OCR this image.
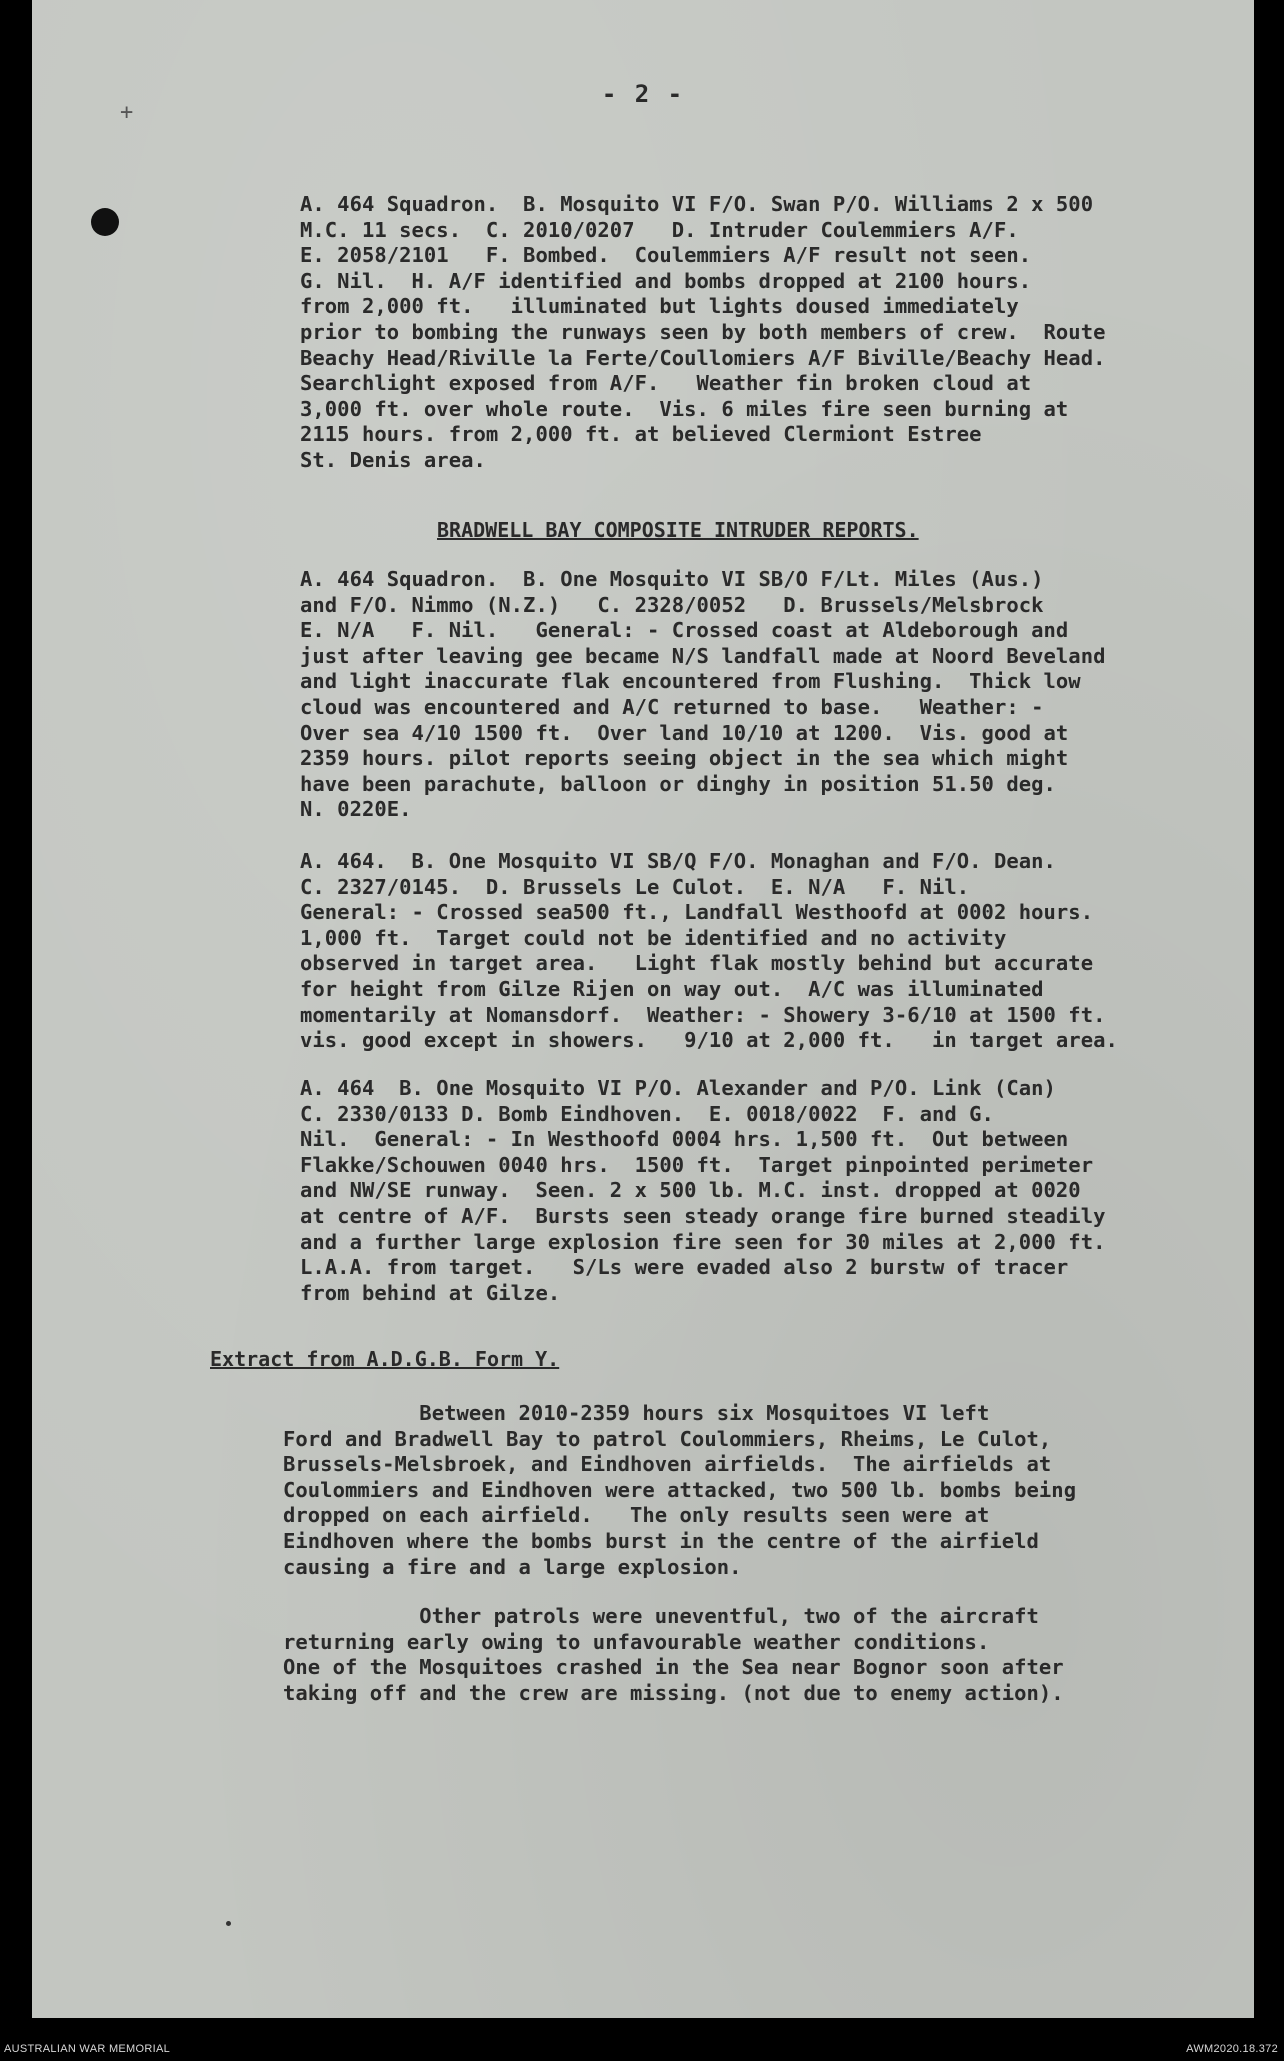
+
- 2 -
A. 464 Squadron.  B. Mosquito VI F/O. Swan P/O. Williams 2 x 500
M.C. 11 secs.  C. 2010/0207   D. Intruder Coulemmiers A/F.
E. 2058/2101   F. Bombed.  Coulemmiers A/F result not seen.
G. Nil.  H. A/F identified and bombs dropped at 2100 hours.
from 2,000 ft.   illuminated but lights doused immediately
prior to bombing the runways seen by both members of crew.  Route
Beachy Head/Riville la Ferte/Coullomiers A/F Biville/Beachy Head.
Searchlight exposed from A/F.   Weather fin broken cloud at
3,000 ft. over whole route.  Vis. 6 miles fire seen burning at
2115 hours. from 2,000 ft. at believed Clermiont Estree
St. Denis area.
BRADWELL BAY COMPOSITE INTRUDER REPORTS.
A. 464 Squadron.  B. One Mosquito VI SB/O F/Lt. Miles (Aus.)
and F/O. Nimmo (N.Z.)   C. 2328/0052   D. Brussels/Melsbrock
E. N/A   F. Nil.   General: - Crossed coast at Aldeborough and
just after leaving gee became N/S landfall made at Noord Beveland
and light inaccurate flak encountered from Flushing.  Thick low
cloud was encountered and A/C returned to base.   Weather: -
Over sea 4/10 1500 ft.  Over land 10/10 at 1200.  Vis. good at
2359 hours. pilot reports seeing object in the sea which might
have been parachute, balloon or dinghy in position 51.50 deg.
N. 0220E.
A. 464.  B. One Mosquito VI SB/Q F/O. Monaghan and F/O. Dean.
C. 2327/0145.  D. Brussels Le Culot.  E. N/A   F. Nil.
General: - Crossed sea500 ft., Landfall Westhoofd at 0002 hours.
1,000 ft.  Target could not be identified and no activity
observed in target area.   Light flak mostly behind but accurate
for height from Gilze Rijen on way out.  A/C was illuminated
momentarily at Nomansdorf.  Weather: - Showery 3-6/10 at 1500 ft.
vis. good except in showers.   9/10 at 2,000 ft.   in target area.
A. 464  B. One Mosquito VI P/O. Alexander and P/O. Link (Can)
C. 2330/0133 D. Bomb Eindhoven.  E. 0018/0022  F. and G.
Nil.  General: - In Westhoofd 0004 hrs. 1,500 ft.  Out between
Flakke/Schouwen 0040 hrs.  1500 ft.  Target pinpointed perimeter
and NW/SE runway.  Seen. 2 x 500 lb. M.C. inst. dropped at 0020
at centre of A/F.  Bursts seen steady orange fire burned steadily
and a further large explosion fire seen for 30 miles at 2,000 ft.
L.A.A. from target.   S/Ls were evaded also 2 burstw of tracer
from behind at Gilze.
Extract from A.D.G.B. Form Y.
Between 2010-2359 hours six Mosquitoes VI left
Ford and Bradwell Bay to patrol Coulommiers, Rheims, Le Culot,
Brussels-Melsbroek, and Eindhoven airfields.  The airfields at
Coulommiers and Eindhoven were attacked, two 500 lb. bombs being
dropped on each airfield.   The only results seen were at
Eindhoven where the bombs burst in the centre of the airfield
causing a fire and a large explosion.
Other patrols were uneventful, two of the aircraft
returning early owing to unfavourable weather conditions.
One of the Mosquitoes crashed in the Sea near Bognor soon after
taking off and the crew are missing. (not due to enemy action).
AUSTRALIAN WAR MEMORIAL	AWM2020.18.372
